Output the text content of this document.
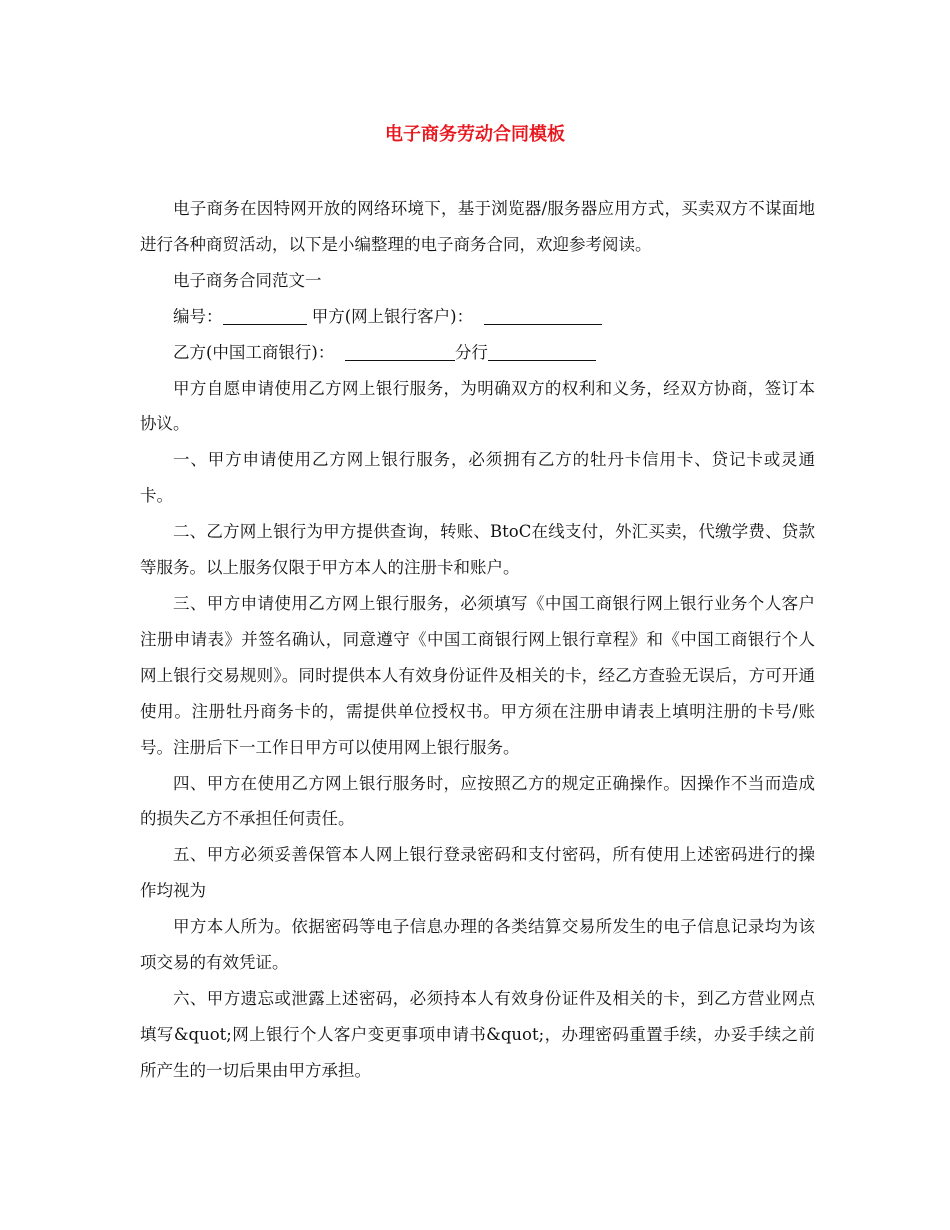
电子商务劳动合同模板

电子商务在因特网开放的网络环境下，基于浏览器/服务器应用方式，买卖双方不谋面地进行各种商贸活动，以下是小编整理的电子商务合同，欢迎参考阅读。

电子商务合同范文一

编号：	甲方(网上银行客户)：
乙方(中国工商银行)：	分行

甲方自愿申请使用乙方网上银行服务，为明确双方的权利和义务，经双方协商，签订本协议。

一、甲方申请使用乙方网上银行服务，必须拥有乙方的牡丹卡信用卡、贷记卡或灵通卡。

二、乙方网上银行为甲方提供查询，转账、BtoC在线支付，外汇买卖，代缴学费、贷款等服务。以上服务仅限于甲方本人的注册卡和账户。

三、甲方申请使用乙方网上银行服务，必须填写《中国工商银行网上银行业务个人客户注册申请表》并签名确认，同意遵守《中国工商银行网上银行章程》和《中国工商银行个人网上银行交易规则》。同时提供本人有效身份证件及相关的卡，经乙方查验无误后，方可开通使用。注册牡丹商务卡的，需提供单位授权书。甲方须在注册申请表上填明注册的卡号/账号。注册后下一工作日甲方可以使用网上银行服务。

四、甲方在使用乙方网上银行服务时，应按照乙方的规定正确操作。因操作不当而造成的损失乙方不承担任何责任。

五、甲方必须妥善保管本人网上银行登录密码和支付密码，所有使用上述密码进行的操作均视为

甲方本人所为。依据密码等电子信息办理的各类结算交易所发生的电子信息记录均为该项交易的有效凭证。

六、甲方遗忘或泄露上述密码，必须持本人有效身份证件及相关的卡，到乙方营业网点填写&quot;网上银行个人客户变更事项申请书&quot;，办理密码重置手续，办妥手续之前所产生的一切后果由甲方承担。
